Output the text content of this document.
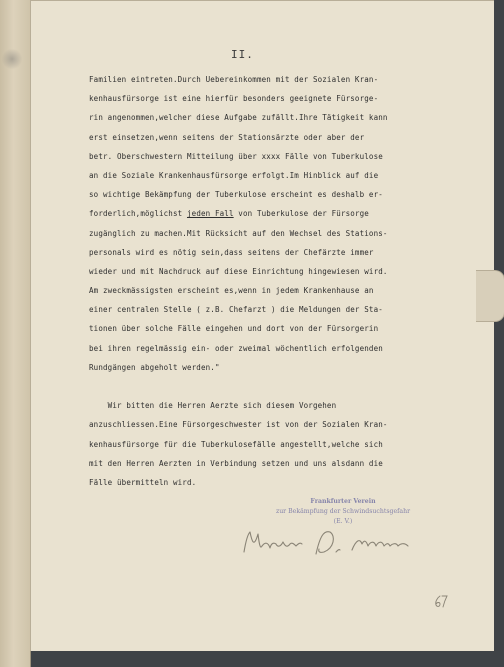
II.
Familien eintreten.Durch Uebereinkommen mit der Sozialen Kran-
kenhausfürsorge ist eine hierfür besonders geeignete Fürsorge-
rin angenommen,welcher diese Aufgabe zufällt.Ihre Tätigkeit kann
erst einsetzen,wenn seitens der Stationsärzte oder aber der
betr. Oberschwestern Mitteilung über xxxx Fälle von Tuberkulose
an die Soziale Krankenhausfürsorge erfolgt.Im Hinblick auf die
so wichtige Bekämpfung der Tuberkulose erscheint es deshalb er-
forderlich,möglichst jeden Fall von Tuberkulose der Fürsorge
zugänglich zu machen.Mit Rücksicht auf den Wechsel des Stations-
personals wird es nötig sein,dass seitens der Chefärzte immer
wieder und mit Nachdruck auf diese Einrichtung hingewiesen wird.
Am zweckmässigsten erscheint es,wenn in jedem Krankenhause an
einer centralen Stelle ( z.B. Chefarzt ) die Meldungen der Sta-
tionen über solche Fälle eingehen und dort von der Fürsorgerin
bei ihren regelmässig ein- oder zweimal wöchentlich erfolgenden
Rundgängen abgeholt werden."
Wir bitten die Herren Aerzte sich diesem Vorgehen
anzuschliessen.Eine Fürsorgeschwester ist von der Sozialen Kran-
kenhausfürsorge für die Tuberkulosefälle angestellt,welche sich
mit den Herren Aerzten in Verbindung setzen und uns alsdann die
Fälle übermitteln wird.
Frankfurter Verein
zur Bekämpfung der Schwindsuchtsgefahr
(E. V.)
